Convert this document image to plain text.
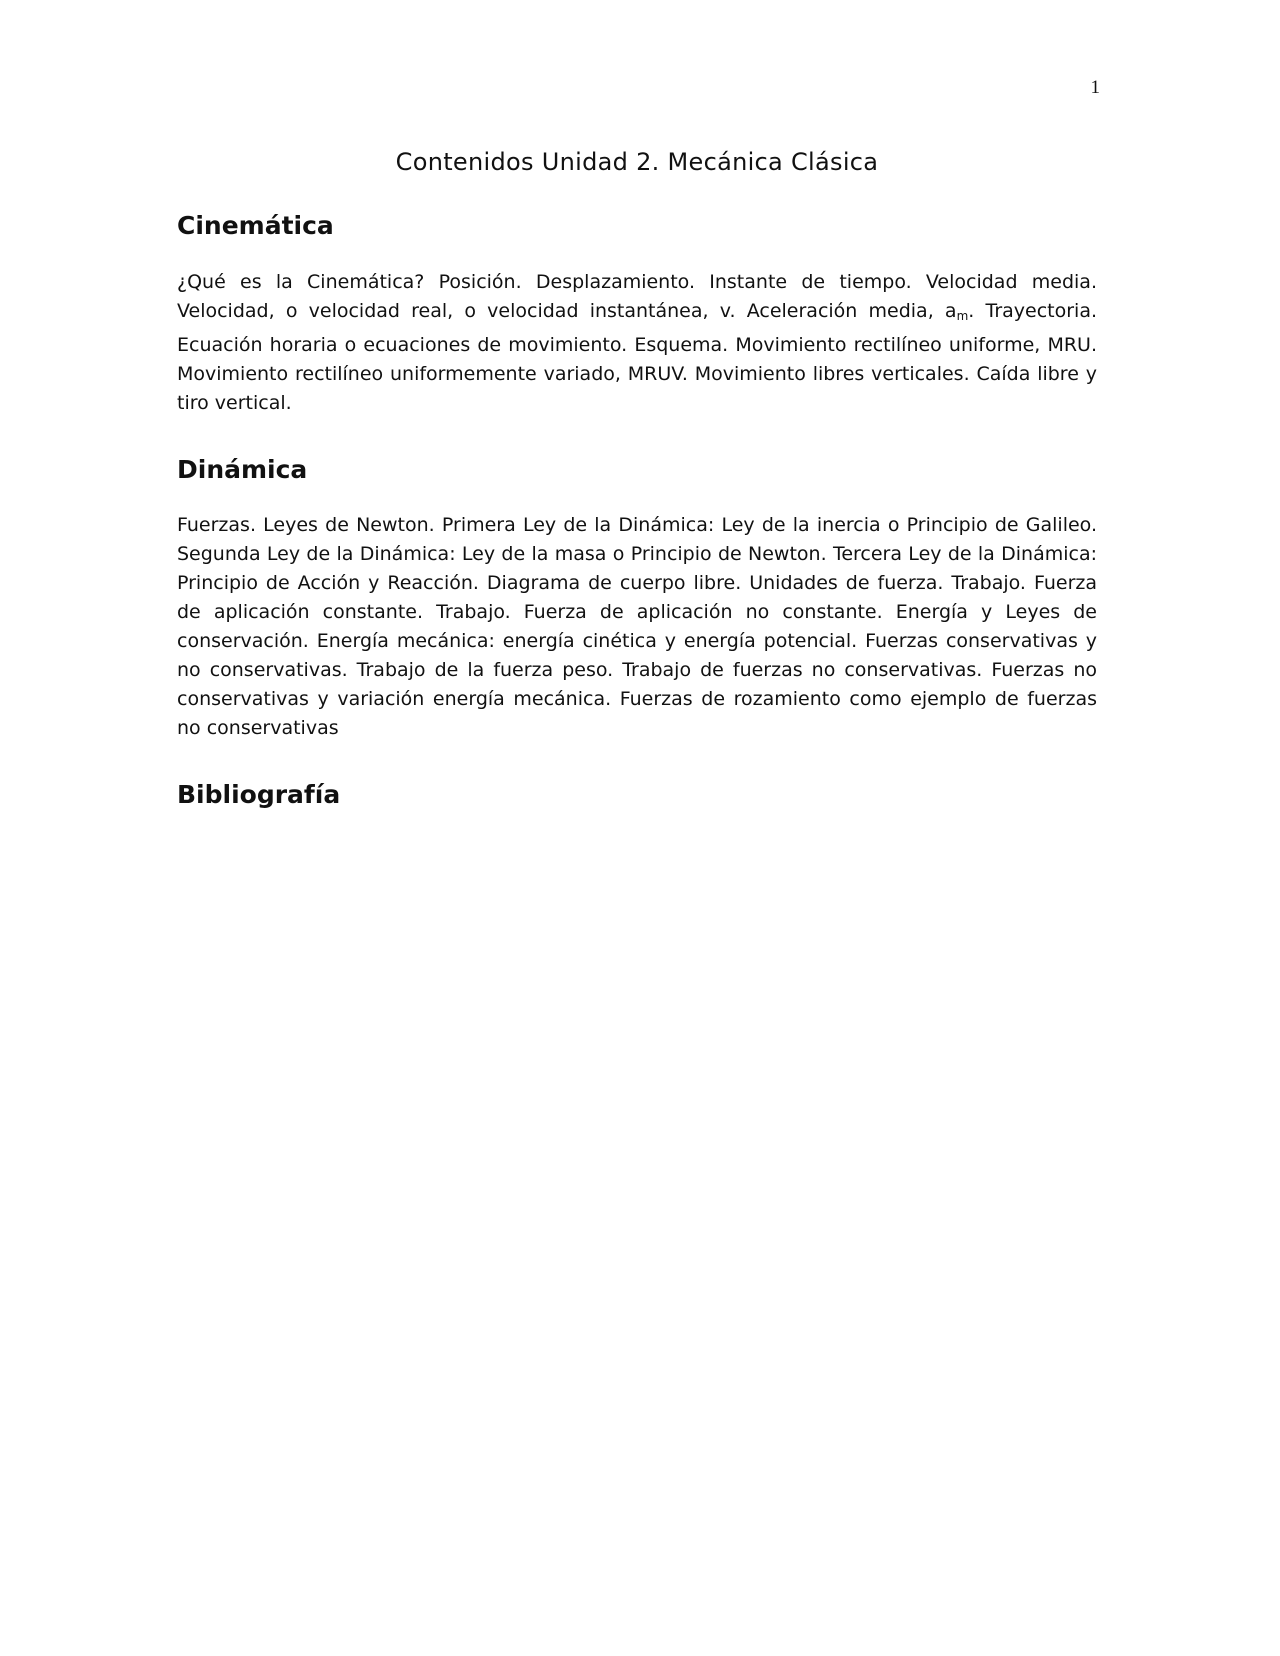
1
Contenidos Unidad 2. Mecánica Clásica
Cinemática

¿Qué es la Cinemática? Posición. Desplazamiento. Instante de tiempo. Velocidad media. Velocidad, o velocidad real, o velocidad instantánea, v. Aceleración media, $a_m$. Trayectoria. Ecuación horaria o ecuaciones de movimiento. Esquema. Movimiento rectilíneo uniforme, MRU. Movimiento rectilíneo uniformemente variado, MRUV. Movimiento libres verticales. Caída libre y tiro vertical.

Dinámica

Fuerzas. Leyes de Newton. Primera Ley de la Dinámica: Ley de la inercia o Principio de Galileo. Segunda Ley de la Dinámica: Ley de la masa o Principio de Newton. Tercera Ley de la Dinámica: Principio de Acción y Reacción. Diagrama de cuerpo libre. Unidades de fuerza. Trabajo. Fuerza de aplicación constante. Trabajo. Fuerza de aplicación no constante. Energía y Leyes de conservación. Energía mecánica: energía cinética y energía potencial. Fuerzas conservativas y no conservativas. Trabajo de la fuerza peso. Trabajo de fuerzas no conservativas. Fuerzas no conservativas y variación energía mecánica. Fuerzas de rozamiento como ejemplo de fuerzas no conservativas

Bibliografía
